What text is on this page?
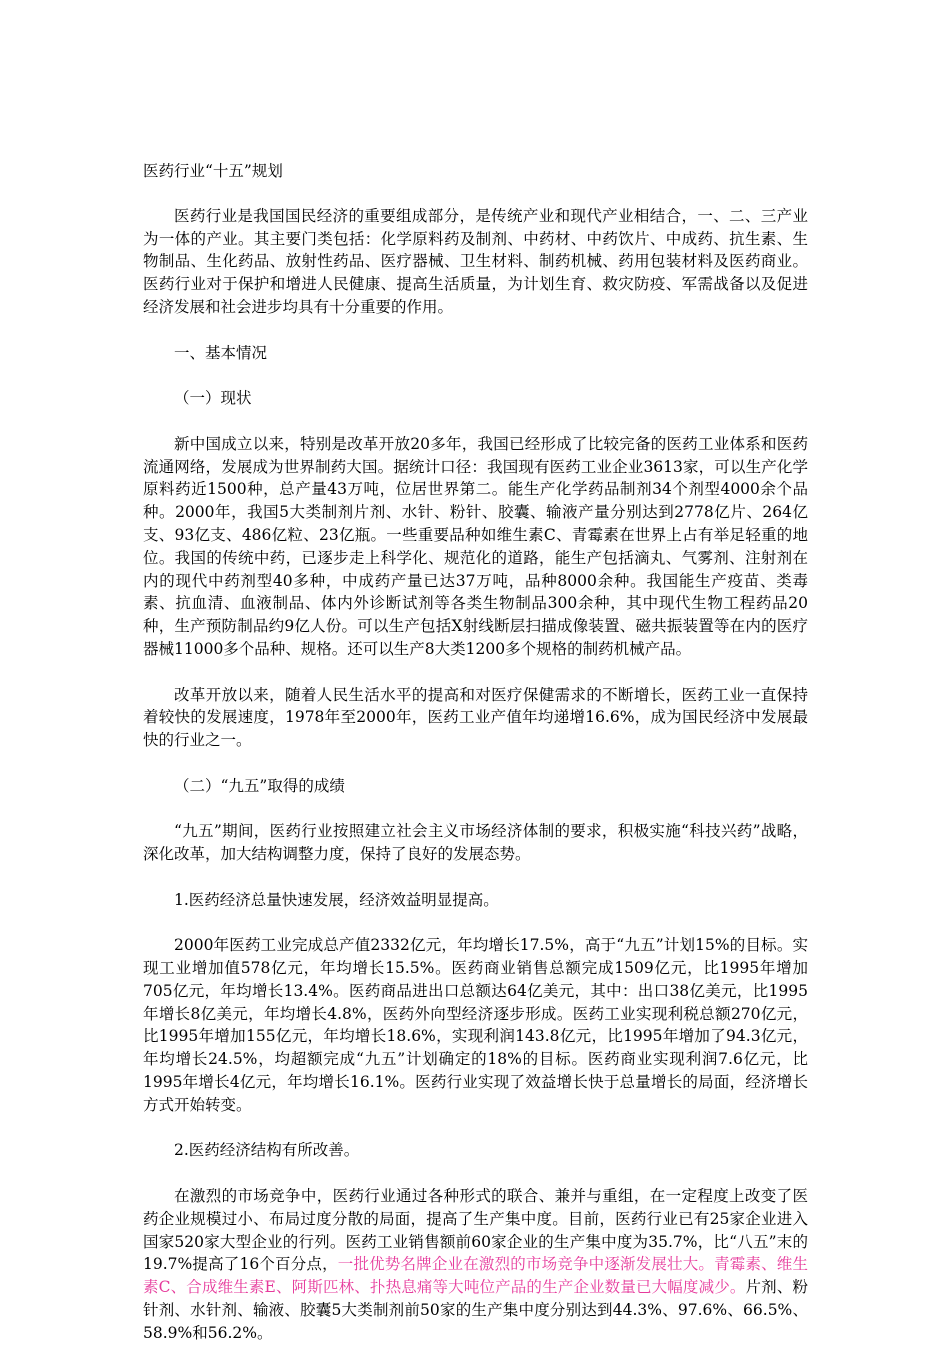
医药行业“十五”规划

医药行业是我国国民经济的重要组成部分，是传统产业和现代产业相结合，一、二、三产业为一体的产业。其主要门类包括：化学原料药及制剂、中药材、中药饮片、中成药、抗生素、生物制品、生化药品、放射性药品、医疗器械、卫生材料、制药机械、药用包装材料及医药商业。医药行业对于保护和增进人民健康、提高生活质量，为计划生育、救灾防疫、军需战备以及促进经济发展和社会进步均具有十分重要的作用。

一、基本情况

（一）现状

新中国成立以来，特别是改革开放20多年，我国已经形成了比较完备的医药工业体系和医药流通网络，发展成为世界制药大国。据统计口径：我国现有医药工业企业3613家，可以生产化学原料药近1500种，总产量43万吨，位居世界第二。能生产化学药品制剂34个剂型4000余个品种。2000年，我国5大类制剂片剂、水针、粉针、胶囊、输液产量分别达到2778亿片、264亿支、93亿支、486亿粒、23亿瓶。一些重要品种如维生素C、青霉素在世界上占有举足轻重的地位。我国的传统中药，已逐步走上科学化、规范化的道路，能生产包括滴丸、气雾剂、注射剂在内的现代中药剂型40多种，中成药产量已达37万吨，品种8000余种。我国能生产疫苗、类毒素、抗血清、血液制品、体内外诊断试剂等各类生物制品300余种，其中现代生物工程药品20种，生产预防制品约9亿人份。可以生产包括X射线断层扫描成像装置、磁共振装置等在内的医疗器械11000多个品种、规格。还可以生产8大类1200多个规格的制药机械产品。

改革开放以来，随着人民生活水平的提高和对医疗保健需求的不断增长，医药工业一直保持着较快的发展速度，1978年至2000年，医药工业产值年均递增16.6%，成为国民经济中发展最快的行业之一。

（二）“九五”取得的成绩

“九五”期间，医药行业按照建立社会主义市场经济体制的要求，积极实施“科技兴药”战略，深化改革，加大结构调整力度，保持了良好的发展态势。

1.医药经济总量快速发展，经济效益明显提高。

2000年医药工业完成总产值2332亿元，年均增长17.5%，高于“九五”计划15%的目标。实现工业增加值578亿元，年均增长15.5%。医药商业销售总额完成1509亿元，比1995年增加705亿元，年均增长13.4%。医药商品进出口总额达64亿美元，其中：出口38亿美元，比1995年增长8亿美元，年均增长4.8%，医药外向型经济逐步形成。医药工业实现利税总额270亿元，比1995年增加155亿元，年均增长18.6%，实现利润143.8亿元，比1995年增加了94.3亿元，年均增长24.5%，均超额完成“九五”计划确定的18%的目标。医药商业实现利润7.6亿元，比1995年增长4亿元，年均增长16.1%。医药行业实现了效益增长快于总量增长的局面，经济增长方式开始转变。

2.医药经济结构有所改善。

在激烈的市场竞争中，医药行业通过各种形式的联合、兼并与重组，在一定程度上改变了医药企业规模过小、布局过度分散的局面，提高了生产集中度。目前，医药行业已有25家企业进入国家520家大型企业的行列。医药工业销售额前60家企业的生产集中度为35.7%，比“八五”末的19.7%提高了16个百分点，一批优势名牌企业在激烈的市场竞争中逐渐发展壮大。青霉素、维生素C、合成维生素E、阿斯匹林、扑热息痛等大吨位产品的生产企业数量已大幅度减少。片剂、粉针剂、水针剂、输液、胶囊5大类制剂前50家的生产集中度分别达到44.3%、97.6%、66.5%、58.9%和56.2%。
